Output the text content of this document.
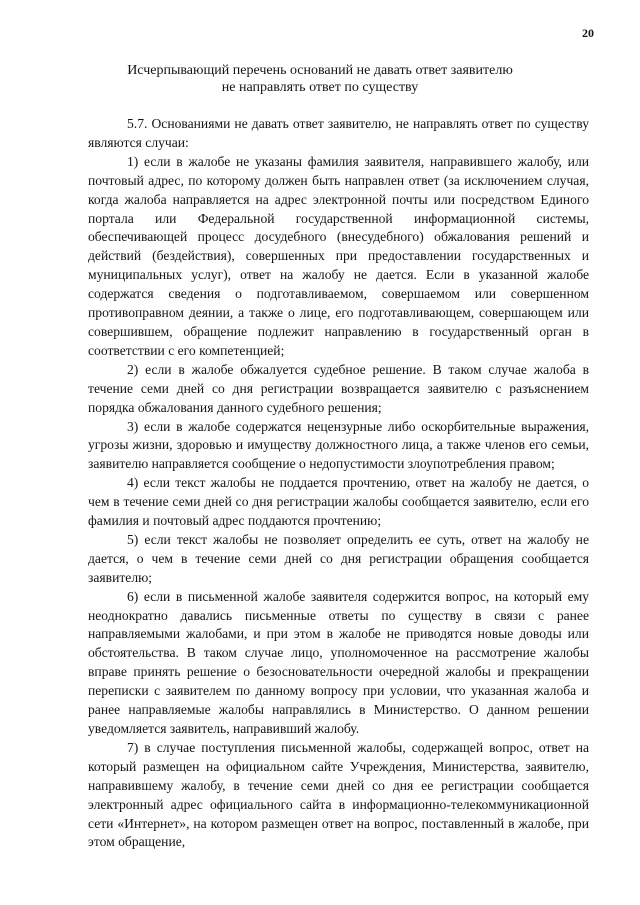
20
Исчерпывающий перечень оснований не давать ответ заявителю
не направлять ответ по существу

5.7. Основаниями не давать ответ заявителю, не направлять ответ по существу являются случаи:

1) если в жалобе не указаны фамилия заявителя, направившего жалобу, или почтовый адрес, по которому должен быть направлен ответ (за исключением случая, когда жалоба направляется на адрес электронной почты или посредством Единого портала или Федеральной государственной информационной системы, обеспечивающей процесс досудебного (внесудебного) обжалования решений и действий (бездействия), совершенных при предоставлении государственных и муниципальных услуг), ответ на жалобу не дается. Если в указанной жалобе содержатся сведения о подготавливаемом, совершаемом или совершенном противоправном деянии, а также о лице, его подготавливающем, совершающем или совершившем, обращение подлежит направлению в государственный орган в соответствии с его компетенцией;

2) если в жалобе обжалуется судебное решение. В таком случае жалоба в течение семи дней со дня регистрации возвращается заявителю с разъяснением порядка обжалования данного судебного решения;

3) если в жалобе содержатся нецензурные либо оскорбительные выражения, угрозы жизни, здоровью и имуществу должностного лица, а также членов его семьи, заявителю направляется сообщение о недопустимости злоупотребления правом;

4) если текст жалобы не поддается прочтению, ответ на жалобу не дается, о чем в течение семи дней со дня регистрации жалобы сообщается заявителю, если его фамилия и почтовый адрес поддаются прочтению;

5) если текст жалобы не позволяет определить ее суть, ответ на жалобу не дается, о чем в течение семи дней со дня регистрации обращения сообщается заявителю;

6) если в письменной жалобе заявителя содержится вопрос, на который ему неоднократно давались письменные ответы по существу в связи с ранее направляемыми жалобами, и при этом в жалобе не приводятся новые доводы или обстоятельства. В таком случае лицо, уполномоченное на рассмотрение жалобы вправе принять решение о безосновательности очередной жалобы и прекращении переписки с заявителем по данному вопросу при условии, что указанная жалоба и ранее направляемые жалобы направлялись в Министерство. О данном решении уведомляется заявитель, направивший жалобу.

7) в случае поступления письменной жалобы, содержащей вопрос, ответ на который размещен на официальном сайте Учреждения, Министерства, заявителю, направившему жалобу, в течение семи дней со дня ее регистрации сообщается электронный адрес официального сайта в информационно-телекоммуникационной сети «Интернет», на котором размещен ответ на вопрос, поставленный в жалобе, при этом обращение,
